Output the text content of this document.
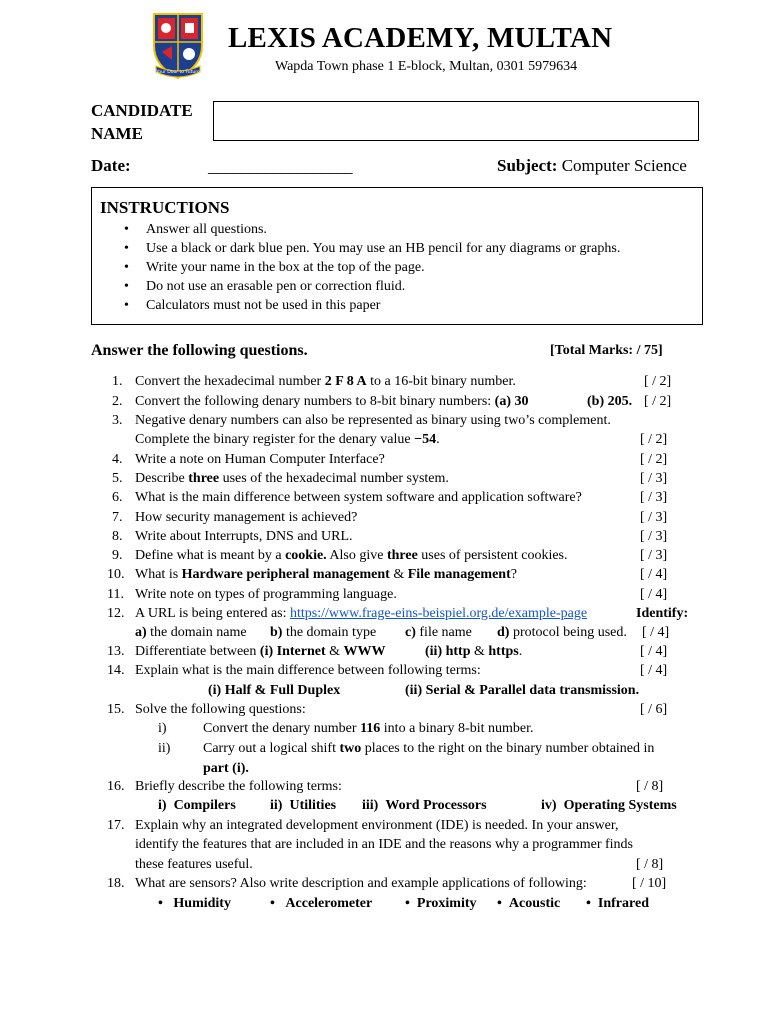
Your Door to Future
LEXIS ACADEMY, MULTAN
Wapda Town phase 1 E-block, Multan, 0301 5979634
CANDIDATE
NAME
Date:	__________________	Subject: Computer Science
INSTRUCTIONS
• Answer all questions.
• Use a black or dark blue pen. You may use an HB pencil for any diagrams or graphs.
• Write your name in the box at the top of the page.
• Do not use an erasable pen or correction fluid.
• Calculators must not be used in this paper
Answer the following questions.	[Total Marks: / 75]
1. Convert the hexadecimal number 2 F 8 A to a 16-bit binary number.	[ / 2]
2. Convert the following denary numbers to 8-bit binary numbers: (a) 30	(b) 205. [ / 2]
3. Negative denary numbers can also be represented as binary using two’s complement.
Complete the binary register for the denary value −54.	[ / 2]
4. Write a note on Human Computer Interface?	[ / 2]
5. Describe three uses of the hexadecimal number system.	[ / 3]
6. What is the main difference between system software and application software?	[ / 3]
7. How security management is achieved?	[ / 3]
8. Write about Interrupts, DNS and URL.	[ / 3]
9. Define what is meant by a cookie. Also give three uses of persistent cookies.	[ / 3]
10. What is Hardware peripheral management & File management?	[ / 4]
11. Write note on types of programming language.	[ / 4]
12. A URL is being entered as: https://www.frage-eins-beispiel.org.de/example-page	Identify:
a) the domain name b) the domain type c) file name d) protocol being used. [ / 4]
13. Differentiate between (i) Internet & WWW	(ii) http & https.	[ / 4]
14. Explain what is the main difference between following terms:	[ / 4]
(i) Half & Full Duplex	(ii) Serial & Parallel data transmission.
15. Solve the following questions:	[ / 6]
i)	Convert the denary number 116 into a binary 8-bit number.
ii) Carry out a logical shift two places to the right on the binary number obtained in
part (i).
16. Briefly describe the following terms:	[ / 8]
i) Compilers ii) Utilities iii) Word Processors	iv) Operating Systems
17. Explain why an integrated development environment (IDE) is needed. In your answer,
identify the features that are included in an IDE and the reasons why a programmer finds
these features useful.	[ / 8]
18. What are sensors? Also write description and example applications of following:	[ / 10]
•   Humidity	•   Accelerometer •  Proximity •  Acoustic •  Infrared
